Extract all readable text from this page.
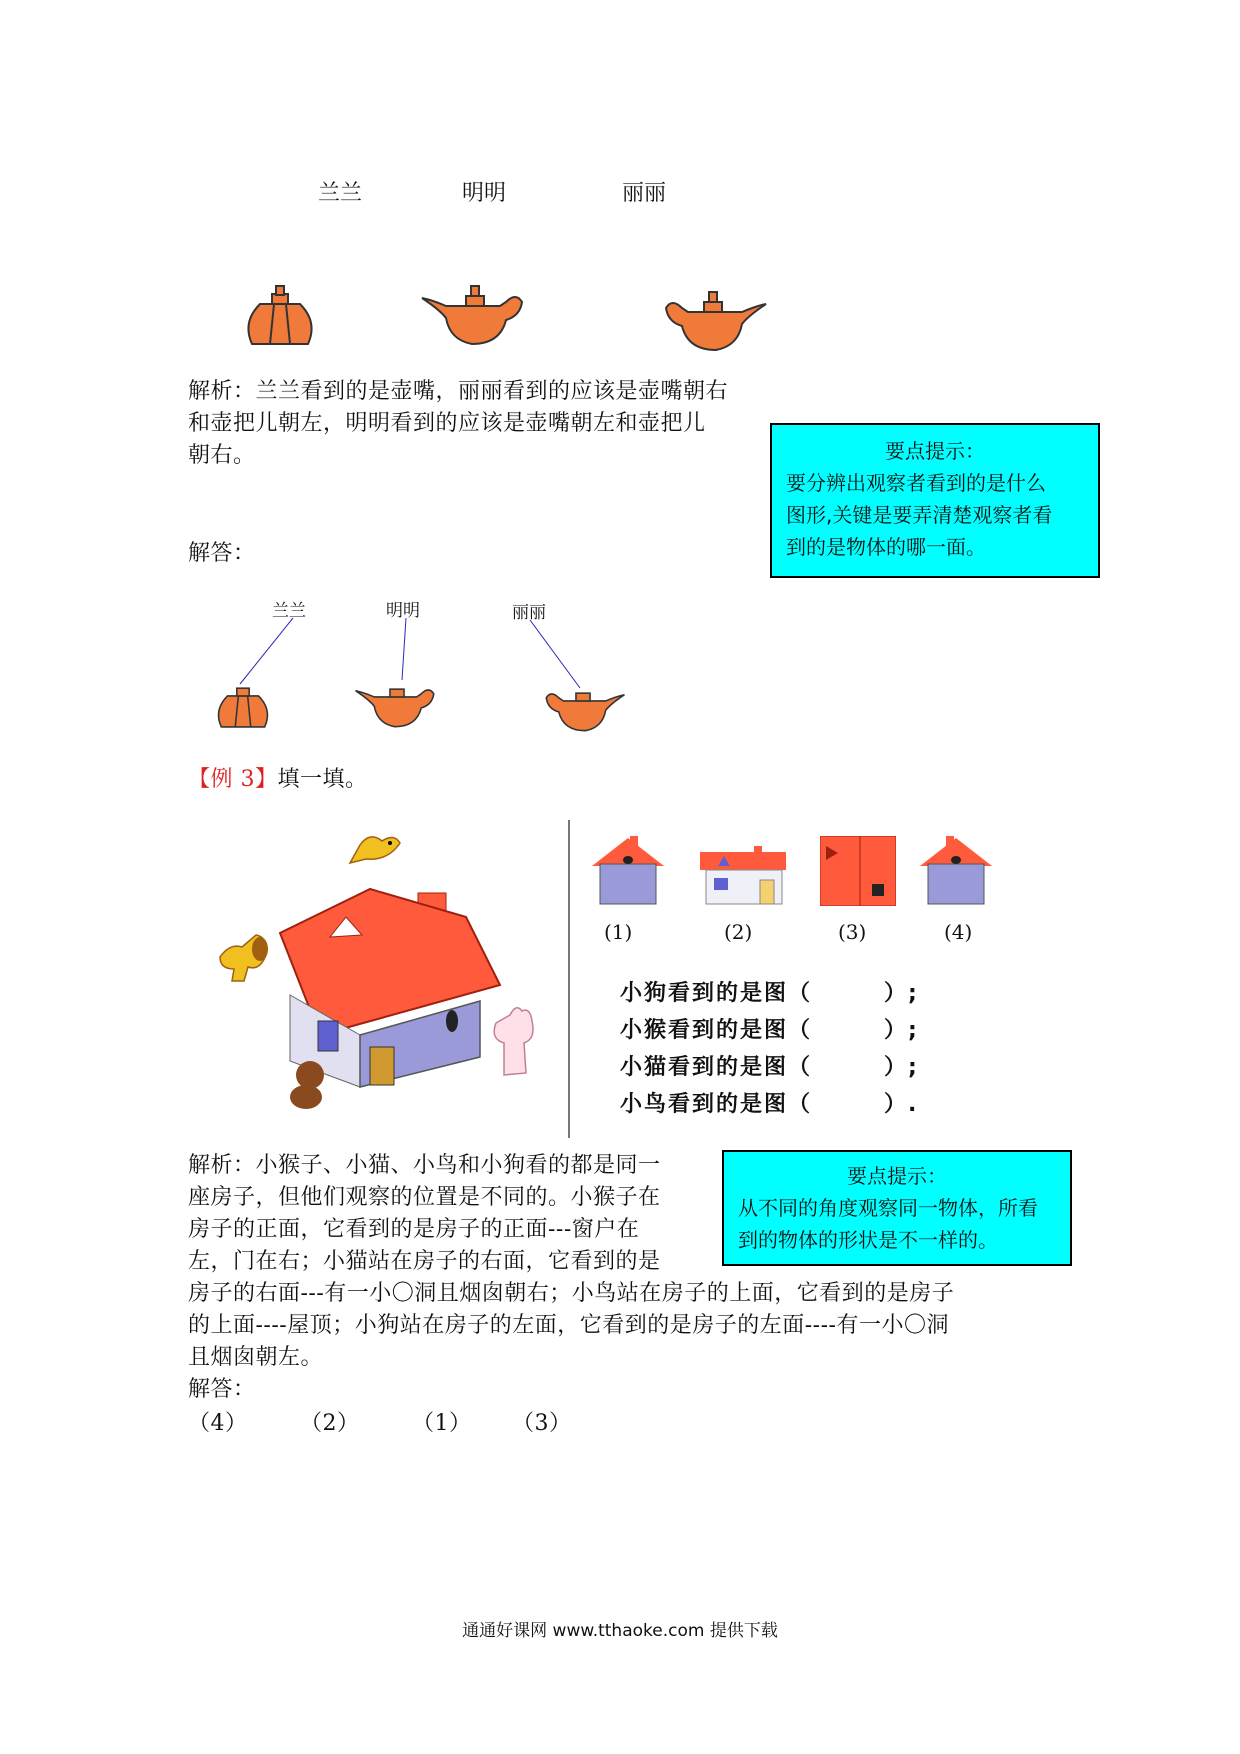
兰兰	明明	丽丽
解析：兰兰看到的是壶嘴，丽丽看到的应该是壶嘴朝右
和壶把儿朝左，明明看到的应该是壶嘴朝左和壶把儿
朝右。	要点提示：
要分辨出观察者看到的是什么
图形,关键是要弄清楚观察者看
到的是物体的哪一面。
解答：
兰兰	明明	丽丽
【例 3】填一填。
(1)	(2)	(3)	(4)
小狗看到的是图（　　　）;
小猴看到的是图（　　　）;
小猫看到的是图（　　　）;
小鸟看到的是图（　　　）.
解析：小猴子、小猫、小鸟和小狗看的都是同一
座房子，但他们观察的位置是不同的。小猴子在
房子的正面，它看到的是房子的正面---窗户在
左，门在右；小猫站在房子的右面，它看到的是
房子的右面---有一小〇洞且烟囱朝右；小鸟站在房子的上面，它看到的是房子
的上面----屋顶；小狗站在房子的左面，它看到的是房子的左面----有一小〇洞
且烟囱朝左。
要点提示：
从不同的角度观察同一物体，所看
到的物体的形状是不一样的。
解答：
（4） （2） （1） （3）
通通好课网 www.tthaoke.com 提供下载
